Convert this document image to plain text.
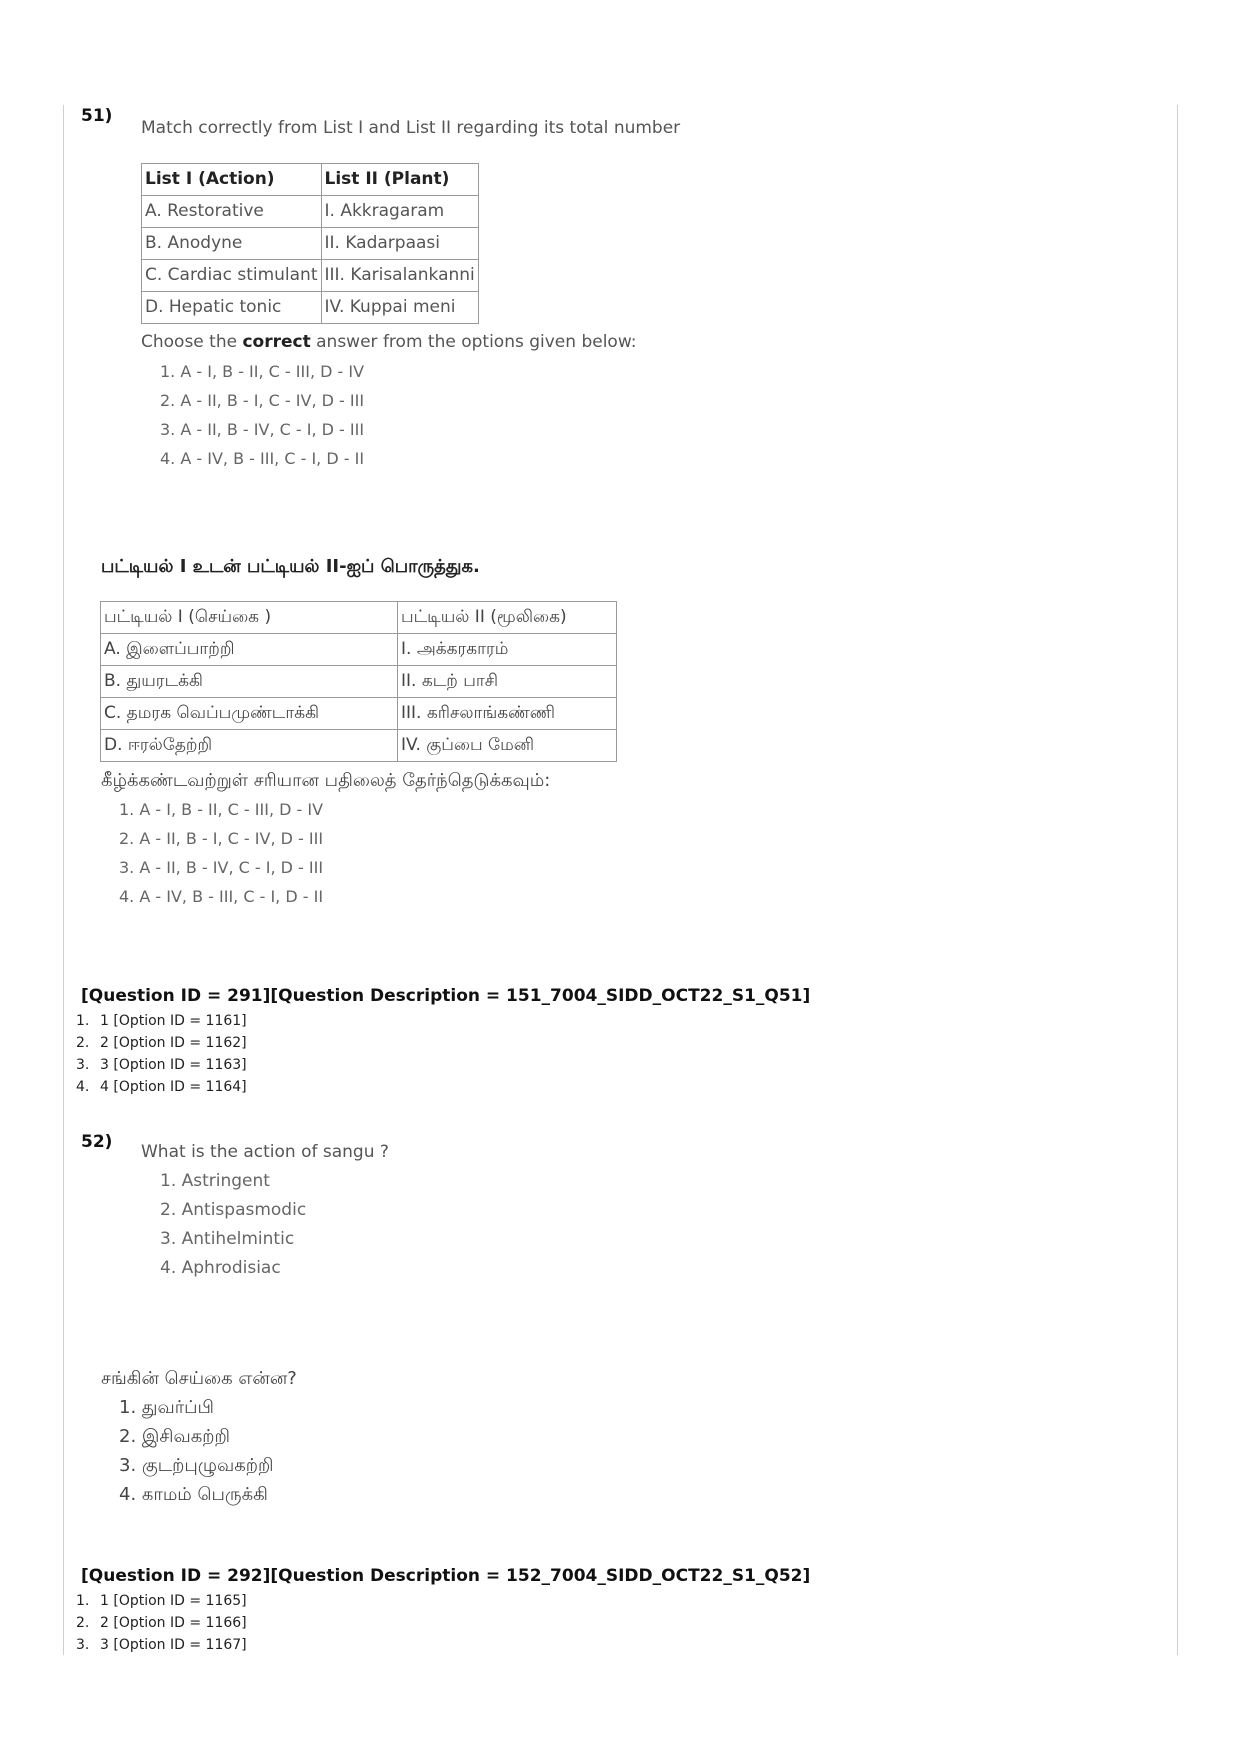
51)
Match correctly from List I and List II regarding its total number
List I (Action)	List II (Plant)
A. Restorative	I. Akkragaram
B. Anodyne	II. Kadarpaasi
C. Cardiac stimulant	III. Karisalankanni
D. Hepatic tonic	IV. Kuppai meni
Choose the correct answer from the options given below:
1. A - I, B - II, C - III, D - IV
2. A - II, B - I, C - IV, D - III
3. A - II, B - IV, C - I, D - III
4. A - IV, B - III, C - I, D - II
பட்டியல் I உடன் பட்டியல் II-ஐப் பொருத்துக.
பட்டியல் I (செய்கை )	பட்டியல் II (மூலிகை)
A. இளைப்பாற்றி	I. அக்கரகாரம்
B. துயரடக்கி	II. கடற் பாசி
C. தமரக வெப்பமுண்டாக்கி	III. கரிசலாங்கண்ணி
D. ஈரல்தேற்றி	IV. குப்பை மேனி
கீழ்க்கண்டவற்றுள் சரியான பதிலைத் தேர்ந்தெடுக்கவும்:
1. A - I, B - II, C - III, D - IV
2. A - II, B - I, C - IV, D - III
3. A - II, B - IV, C - I, D - III
4. A - IV, B - III, C - I, D - II
[Question ID = 291][Question Description = 151_7004_SIDD_OCT22_S1_Q51]
1. 1 [Option ID = 1161]
2. 2 [Option ID = 1162]
3. 3 [Option ID = 1163]
4. 4 [Option ID = 1164]
52) What is the action of sangu ?
1. Astringent
2. Antispasmodic
3. Antihelmintic
4. Aphrodisiac
சங்கின் செய்கை என்ன?
1. துவர்ப்பி
2. இசிவகற்றி
3. குடற்புழுவகற்றி
4. காமம் பெருக்கி
[Question ID = 292][Question Description = 152_7004_SIDD_OCT22_S1_Q52]
1. 1 [Option ID = 1165]
2. 2 [Option ID = 1166]
3. 3 [Option ID = 1167]
